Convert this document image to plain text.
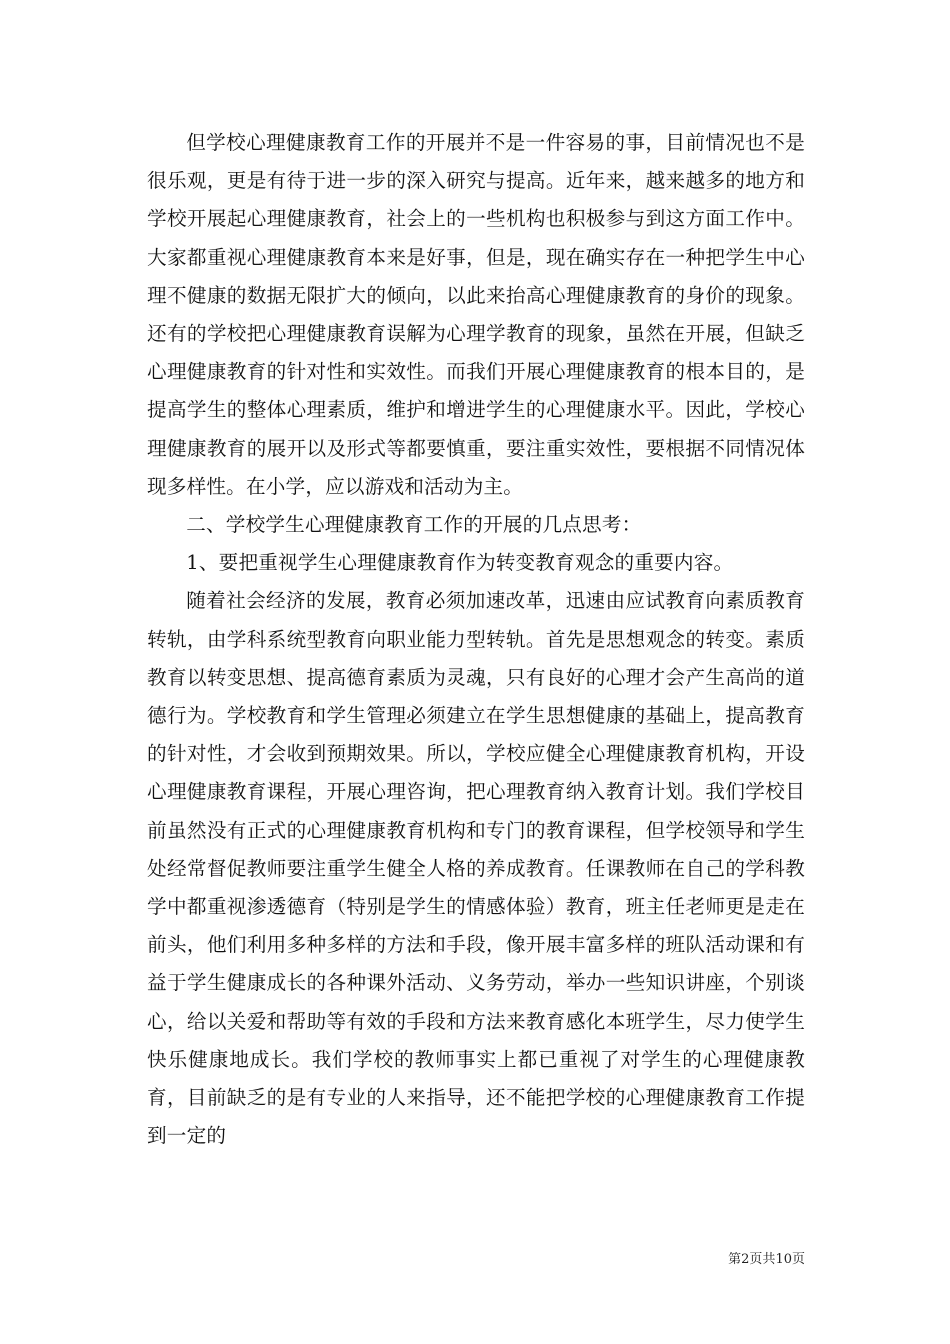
但学校心理健康教育工作的开展并不是一件容易的事，目前情况也不是很乐观，更是有待于进一步的深入研究与提高。近年来，越来越多的地方和学校开展起心理健康教育，社会上的一些机构也积极参与到这方面工作中。大家都重视心理健康教育本来是好事，但是，现在确实存在一种把学生中心理不健康的数据无限扩大的倾向，以此来抬高心理健康教育的身价的现象。还有的学校把心理健康教育误解为心理学教育的现象，虽然在开展，但缺乏心理健康教育的针对性和实效性。而我们开展心理健康教育的根本目的，是提高学生的整体心理素质，维护和增进学生的心理健康水平。因此，学校心理健康教育的展开以及形式等都要慎重，要注重实效性，要根据不同情况体现多样性。在小学，应以游戏和活动为主。

二、学校学生心理健康教育工作的开展的几点思考：

1、要把重视学生心理健康教育作为转变教育观念的重要内容。

随着社会经济的发展，教育必须加速改革，迅速由应试教育向素质教育转轨，由学科系统型教育向职业能力型转轨。首先是思想观念的转变。素质教育以转变思想、提高德育素质为灵魂，只有良好的心理才会产生高尚的道德行为。学校教育和学生管理必须建立在学生思想健康的基础上，提高教育的针对性，才会收到预期效果。所以，学校应健全心理健康教育机构，开设心理健康教育课程，开展心理咨询，把心理教育纳入教育计划。我们学校目前虽然没有正式的心理健康教育机构和专门的教育课程，但学校领导和学生处经常督促教师要注重学生健全人格的养成教育。任课教师在自己的学科教学中都重视渗透德育（特别是学生的情感体验）教育，班主任老师更是走在前头，他们利用多种多样的方法和手段，像开展丰富多样的班队活动课和有益于学生健康成长的各种课外活动、义务劳动，举办一些知识讲座，个别谈心，给以关爱和帮助等有效的手段和方法来教育感化本班学生，尽力使学生快乐健康地成长。我们学校的教师事实上都已重视了对学生的心理健康教育，目前缺乏的是有专业的人来指导，还不能把学校的心理健康教育工作提到一定的

第2页共10页
